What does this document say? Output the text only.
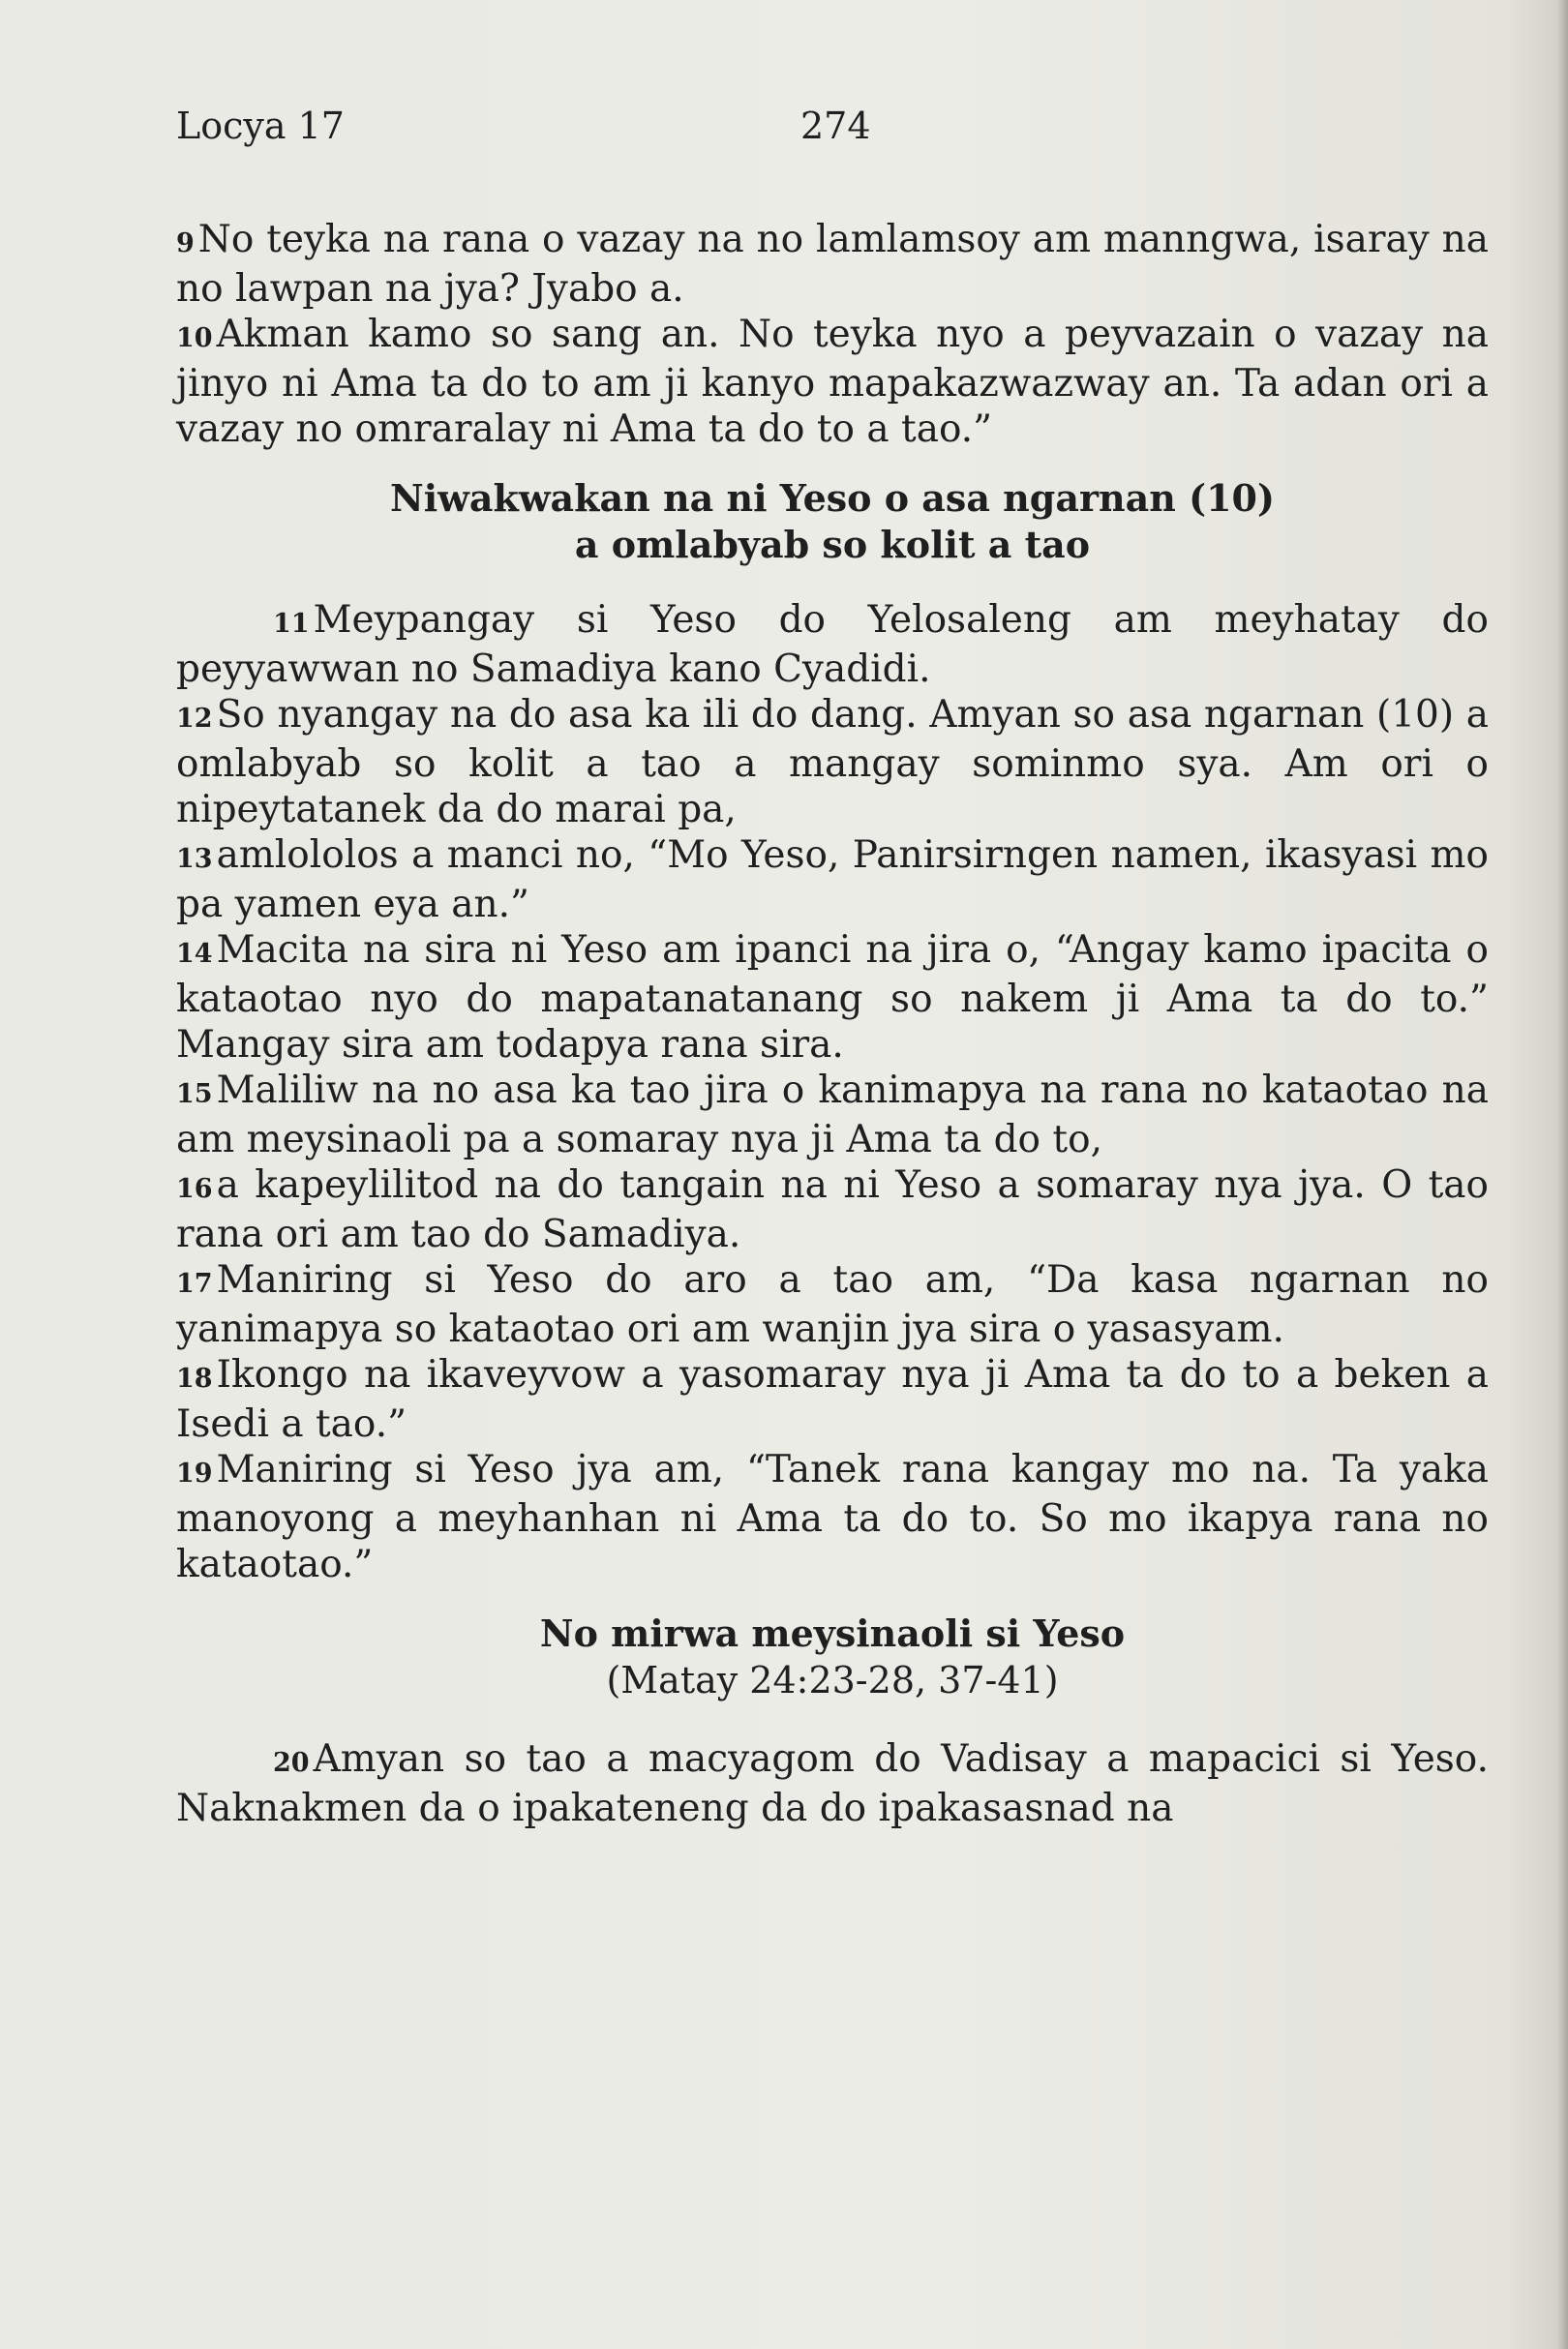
Locya 17	274

9 No teyka na rana o vazay na no lamlamsoy am manngwa, isaray na no lawpan na jya? Jyabo a.

10 Akman kamo so sang an. No teyka nyo a peyvazain o vazay na jinyo ni Ama ta do to am ji kanyo mapakazwazway an. Ta adan ori a vazay no omraralay ni Ama ta do to a tao.”

Niwakwakan na ni Yeso o asa ngarnan (10)

a omlabyab so kolit a tao

11 Meypangay si Yeso do Yelosaleng am meyhatay do peyyawwan no Samadiya kano Cyadidi.

12 So nyangay na do asa ka ili do dang. Amyan so asa ngarnan (10) a omlabyab so kolit a tao a mangay sominmo sya. Am ori o nipeytatanek da do marai pa,

13 amlololos a manci no, “Mo Yeso, Panirsirngen namen, ikasyasi mo pa yamen eya an.”

14 Macita na sira ni Yeso am ipanci na jira o, “Angay kamo ipacita o kataotao nyo do mapatanatanang so nakem ji Ama ta do to.” Mangay sira am todapya rana sira.

15 Maliliw na no asa ka tao jira o kanimapya na rana no kataotao na am meysinaoli pa a somaray nya ji Ama ta do to,

16 a kapeylilitod na do tangain na ni Yeso a somaray nya jya. O tao rana ori am tao do Samadiya.

17 Maniring si Yeso do aro a tao am, “Da kasa ngarnan no yanimapya so kataotao ori am wanjin jya sira o yasasyam.

18 Ikongo na ikaveyvow a yasomaray nya ji Ama ta do to a beken a Isedi a tao.”

19 Maniring si Yeso jya am, “Tanek rana kangay mo na. Ta yaka manoyong a meyhanhan ni Ama ta do to. So mo ikapya rana no kataotao.”

No mirwa meysinaoli si Yeso

(Matay 24:23-28, 37-41)

20 Amyan so tao a macyagom do Vadisay a mapacici si Yeso. Naknakmen da o ipakateneng da do ipakasasnad na
